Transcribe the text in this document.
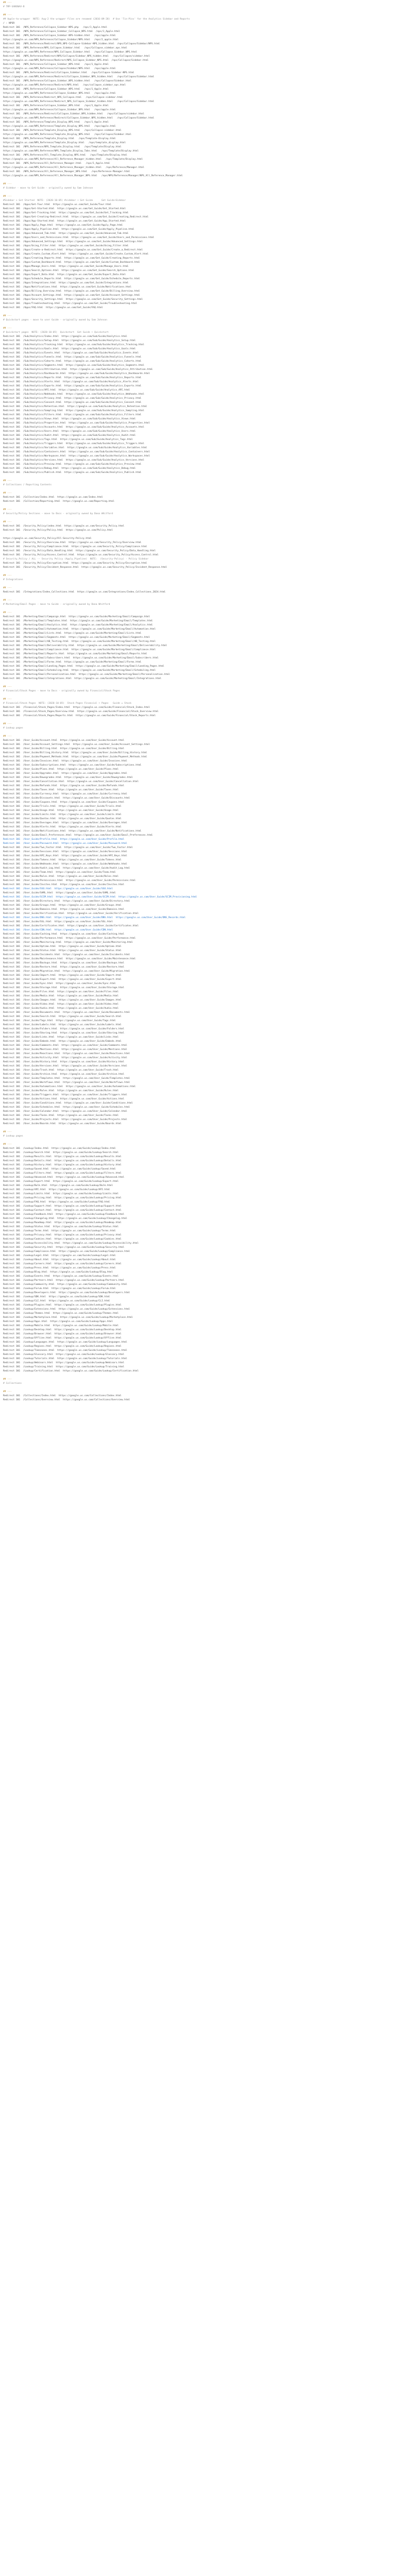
## ---
# TMP-SANSNAV-B
## ---
## Apple-to-wrapper  NOTE: Aug-2 the wrapper files are renamed (2016-09-28)  # Use 'Tin-Pins' for the Analytics Sidebar and Reports
/ : NPSR
Redirect 301  /NPS_Reference/Collapse_Sidebar-NPS.php   /nps/1_Apple.html
Redirect 301  /NPS_Reference/Collapse_Sidebar_Collapse_NPS.html  /nps/1_Apple.html
Redirect 301  /NPS_Reference/Collapse_Sidebar-NPS-hidden.html   /nps/apple.html
https://google.us.com/NPS_Reference/Collapse_Sidebar/NPS.html   /nps/2_apple.html
Redirect 301  /NPS_Reference/Redirect/NPS_NPS-Collapse-Sidebar-NPS_hidden.html  /nps/Collapse/Sidebar/NPS.html
Redirect 301  /NPS_Reference/NPS_Collapse_Sidebar.html   /nps/Collapse_sidebar_nps.html
https://google.us.com/NPS_Reference/NPS_Collapse_Sidebar.html   /nps/Collapse_Sidebar_NPS.html
Redirect 301  /NPS_Reference/Redirect/NPS/Collapse/Sidebar_NPS_hidden.html   /nps/Collapse/sidebar.html
https://google.us.com/NPS_Reference/Redirect/NPS_Collapse_Sidebar_NPS.html  /nps/Collapse/Sidebar.html
Redirect 301  /NPS_Reference/Collapse_Sidebar_NPS.html   /nps/1_Apple.html
https://google.us.com/NPS_Reference/Collapse/Sidebar/NPS.html   /nps/apple.html
Redirect 301  /NPS_Reference/Redirect/Collapse_Sidebar.html   /nps/Collapse-Sidebar-NPS.html
https://google.us.com/NPS_Reference/Redirect/Collapse_Sidebar_NPS_hidden.html   /nps/Collapse/Sidebar.html
Redirect 301  /NPS_Reference/Collapse_Sidebar_NPS_hidden.html   /nps/Collapse/Sidebar.html
https://google.us.com/NPS_Reference/Redirect/NPS.html   /nps/collapse_sidebar_nps.html
Redirect 301  /NPS_Reference/Collapse_Sidebar_NPS.html   /nps/1_Apple.html
https://google.us.com/NPS_Reference/Collapse_Sidebar_NPS.html   /nps/apple.html
Redirect 301  /NPS_Reference/Redirect_NPS_Collapse.html   /nps/Collapse-sidebar.html
https://google.us.com/NPS_Reference/Redirect_NPS_Collapse_Sidebar_hidden.html   /nps/Collapse/Sidebar.html
Redirect 301  /NPS_Reference/Collapse_Sidebar_NPS.html   /nps/1_Apple.html
https://google.us.com/NPS_Reference/Collapse_Sidebar_NPS.html   /nps/apple.html
Redirect 301  /NPS_Reference/Redirect/Collapse_Sidebar_NPS_hidden.html   /nps/Collapse/sidebar.html
https://google.us.com/NPS_Reference/Redirect/Collapse_Sidebar_NPS_hidden.html   /nps/Collapse/Sidebar.html
Redirect 301  /NPS_Reference/Template_Display_NPS.html   /nps/1_Apple.html
https://google.us.com/NPS_Reference/Template_Display_NPS.html   /nps/apple.html
Redirect 301  /NPS_Reference/Template_Display_NPS.html   /nps/Collapse-sidebar.html
https://google.us.com/NPS_Reference/Template_Display_NPS.html   /nps/Collapse/Sidebar.html
Redirect 301  /NPS_Reference/Template_Display.html   /nps/Template-Display.html
https://google.us.com/NPS_Reference/Template_Display.html   /nps/template_display.html
Redirect 301  /NPS_Reference/NPS_Template_Display.html   /nps/Template/Display.html
https://google.us.com/NPS_Reference/NPS_Template_Display_Tabs.html   /nps/Template/Display.html
Redirect 301  /NPS_Reference/All_Template_Display_NPS.html   /nps/Template/Display.html
https://google.us.com/NPS_Reference/All_Reference_Manager_hidden.html   /nps/Template/Display.html
Redirect 301  /NPS_Reference/All_Reference_Manager.html   /nps/1_Apple.html
https://google.us.com/NPS_Reference/All_Reference_Manager_hidden.html   /nps/Reference/Manager.html
Redirect 301  /NPS_Reference/All_Reference_Manager_NPS.html   /nps/Reference-Manager.html
https://google.us.com/NPS_Reference/All_Reference_Manager_NPS.html   /nps/NPS/Reference/Manager/NPS_All_Reference_Manager.html
## ---
# Sidebar - move to Get Guide - originally owned by Sam Johnson
## ---
#Sidebar > Get Started  NOTE: (2020-10-05) #sidebar + Get Guide      Get Guide+Sidebar
Redirect 301  /Apps/Get-Tour.html  https://google.us.com/Get_Guide/Tour.html
Redirect 301  /Apps/Get-Started.html  https://google.us.com/Get_Guide/Get_Started.html
Redirect 301  /Apps/Get-Tracking.html  https://google.us.com/Get_Guide/Get_Tracking.html
Redirect 301  /Apps/Get-Creating-Redirect.html  https://google.us.com/Get_Guide/Creating_Redirect.html
Redirect 301  /Apps/App-Started.html  https://google.us.com/Get_Guide/App_Started.html
Redirect 301  /Apps/Apply_Page.html  https://google.us.com/Get_Guide/Apply_Page.html
Redirect 301  /Apps/Apply_Pipeline.html  https://google.us.com/Get_Guide/Apply_Pipeline.html
Redirect 301  /Apps/Advanced_Tab.html  https://google.us.com/Get_Guide/Advanced_Tab.html
Redirect 301  /Apps/Users_and_Permissions.html  https://google.us.com/Get_Guide/Users_and_Permissions.html
Redirect 301  /Apps/Advanced_Settings.html  https://google.us.com/Get_Guide/Advanced_Settings.html
Redirect 301  /Apps/Using_Filter.html  https://google.us.com/Get_Guide/Using_Filter.html
Redirect 301  /Apps/Create-a-Redirect.html  https://google.us.com/Get_Guide/Create_a_Redirect.html
Redirect 301  /Apps/Create_Custom_Alert.html  https://google.us.com/Get_Guide/Create_Custom_Alert.html
Redirect 301  /Apps/Creating_Reports.html  https://google.us.com/Get_Guide/Creating_Reports.html
Redirect 301  /Apps/Custom_Dashboard.html  https://google.us.com/Get_Guide/Custom_Dashboard.html
Redirect 301  /Apps/Manage_Users.html  https://google.us.com/Get_Guide/Manage_Users.html
Redirect 301  /Apps/Search_Options.html  https://google.us.com/Get_Guide/Search_Options.html
Redirect 301  /Apps/Export_Data.html  https://google.us.com/Get_Guide/Export_Data.html
Redirect 301  /Apps/Schedule_Reports.html  https://google.us.com/Get_Guide/Schedule_Reports.html
Redirect 301  /Apps/Integrations.html  https://google.us.com/Get_Guide/Integrations.html
Redirect 301  /Apps/Notifications.html  https://google.us.com/Get_Guide/Notifications.html
Redirect 301  /Apps/Billing_Overview.html  https://google.us.com/Get_Guide/Billing_Overview.html
Redirect 301  /Apps/Account_Settings.html  https://google.us.com/Get_Guide/Account_Settings.html
Redirect 301  /Apps/Security_Settings.html  https://google.us.com/Get_Guide/Security_Settings.html
Redirect 301  /Apps/Troubleshooting.html  https://google.us.com/Get_Guide/Troubleshooting.html
Redirect 301  /Apps/FAQ.html  https://google.us.com/Get_Guide/FAQ.html
## ---
# Quickstart pages - move to user Guide - originally owned by Sam Johnson
## ---
# Quickstart pages  NOTE: (2020-10-05)  Quickstart  Get Guide + Quickstart
Redirect 301  /Sub/Analytics/Index.html  https://google.us.com/Sub/Guide/Analytics.html
Redirect 301  /Sub/Analytics/Setup.html  https://google.us.com/Sub/Guide/Analytics_Setup.html
Redirect 301  /Sub/Analytics/Tracking.html  https://google.us.com/Sub/Guide/Analytics_Tracking.html
Redirect 301  /Sub/Analytics/Goals.html  https://google.us.com/Sub/Guide/Analytics_Goals.html
Redirect 301  /Sub/Analytics/Events.html  https://google.us.com/Sub/Guide/Analytics_Events.html
Redirect 301  /Sub/Analytics/Funnels.html  https://google.us.com/Sub/Guide/Analytics_Funnels.html
Redirect 301  /Sub/Analytics/Cohorts.html  https://google.us.com/Sub/Guide/Analytics_Cohorts.html
Redirect 301  /Sub/Analytics/Segments.html  https://google.us.com/Sub/Guide/Analytics_Segments.html
Redirect 301  /Sub/Analytics/Attribution.html  https://google.us.com/Sub/Guide/Analytics_Attribution.html
Redirect 301  /Sub/Analytics/Dashboards.html  https://google.us.com/Sub/Guide/Analytics_Dashboards.html
Redirect 301  /Sub/Analytics/Reports.html  https://google.us.com/Sub/Guide/Analytics_Reports.html
Redirect 301  /Sub/Analytics/Alerts.html  https://google.us.com/Sub/Guide/Analytics_Alerts.html
Redirect 301  /Sub/Analytics/Exports.html  https://google.us.com/Sub/Guide/Analytics_Exports.html
Redirect 301  /Sub/Analytics/API.html  https://google.us.com/Sub/Guide/Analytics_API.html
Redirect 301  /Sub/Analytics/Webhooks.html  https://google.us.com/Sub/Guide/Analytics_Webhooks.html
Redirect 301  /Sub/Analytics/Privacy.html  https://google.us.com/Sub/Guide/Analytics_Privacy.html
Redirect 301  /Sub/Analytics/Consent.html  https://google.us.com/Sub/Guide/Analytics_Consent.html
Redirect 301  /Sub/Analytics/Retention.html  https://google.us.com/Sub/Guide/Analytics_Retention.html
Redirect 301  /Sub/Analytics/Sampling.html  https://google.us.com/Sub/Guide/Analytics_Sampling.html
Redirect 301  /Sub/Analytics/Filters.html  https://google.us.com/Sub/Guide/Analytics_Filters.html
Redirect 301  /Sub/Analytics/Views.html  https://google.us.com/Sub/Guide/Analytics_Views.html
Redirect 301  /Sub/Analytics/Properties.html  https://google.us.com/Sub/Guide/Analytics_Properties.html
Redirect 301  /Sub/Analytics/Accounts.html  https://google.us.com/Sub/Guide/Analytics_Accounts.html
Redirect 301  /Sub/Analytics/Users.html  https://google.us.com/Sub/Guide/Analytics_Users.html
Redirect 301  /Sub/Analytics/Audit.html  https://google.us.com/Sub/Guide/Analytics_Audit.html
Redirect 301  /Sub/Analytics/Tags.html  https://google.us.com/Sub/Guide/Analytics_Tags.html
Redirect 301  /Sub/Analytics/Triggers.html  https://google.us.com/Sub/Guide/Analytics_Triggers.html
Redirect 301  /Sub/Analytics/Variables.html  https://google.us.com/Sub/Guide/Analytics_Variables.html
Redirect 301  /Sub/Analytics/Containers.html  https://google.us.com/Sub/Guide/Analytics_Containers.html
Redirect 301  /Sub/Analytics/Workspaces.html  https://google.us.com/Sub/Guide/Analytics_Workspaces.html
Redirect 301  /Sub/Analytics/Versions.html  https://google.us.com/Sub/Guide/Analytics_Versions.html
Redirect 301  /Sub/Analytics/Preview.html  https://google.us.com/Sub/Guide/Analytics_Preview.html
Redirect 301  /Sub/Analytics/Debug.html  https://google.us.com/Sub/Guide/Analytics_Debug.html
Redirect 301  /Sub/Analytics/Publish.html  https://google.us.com/Sub/Guide/Analytics_Publish.html
## ---
# Collections / Reporting Contents
## ---
Redirect 301  /Collection/Index.html  https://google.us.com/Index.html
Redirect 301  /Collection/Reporting.html  https://google.us.com/Reporting.html
## ---
# Security/Policy Sections - move to Docs - originally owned by Dana Whitford
## ---
Redirect 301  /Security_Policy/index.html  https://google.us.com/Security_Policy.html
Redirect 301  /Security_Policy/Policy.html  https://google.us.com/Policy.html
https://google.us.com/Security_Policy/All-Security-Policy.html
Redirect 301  /Security_Policy/Overview.html  https://google.us.com/Security_Policy/Overview.html
Redirect 301  /Security_Policy/Compliance.html  https://google.us.com/Security_Policy/Compliance.html
Redirect 301  /Security_Policy/Data_Handling.html  https://google.us.com/Security_Policy/Data_Handling.html
Redirect 301  /Security_Policy/Access_Control.html  https://google.us.com/Security_Policy/Access_Control.html
# Security_Policy / ALL -- Security Policy (Apply_Pipeline)  NOTE:  (Security-Policy) - Policy Sidebar
Redirect 301  /Security_Policy/Encryption.html  https://google.us.com/Security_Policy/Encryption.html
Redirect 301  /Security_Policy/Incident_Response.html  https://google.us.com/Security_Policy/Incident_Response.html
## ---
# Integrations
## ---
Redirect 301  /Integrations/Index_Collections.html  https://google.us.com/Integrations/Index_Collections_2024.html
## ---
# Marketing/Email Pages - move to Guide - originally owned by Dana Whitford
## ---
Redirect 301  /Marketing/Email/Campaign.html  https://google.us.com/Guide/Marketing/Email/Campaign.html
Redirect 301  /Marketing/Email/Templates.html  https://google.us.com/Guide/Marketing/Email/Templates.html
Redirect 301  /Marketing/Email/Analytics.html  https://google.us.com/Guide/Marketing/Email/Analytics.html
Redirect 301  /Marketing/Email/Automation.html  https://google.us.com/Guide/Marketing/Email/Automation.html
Redirect 301  /Marketing/Email/Lists.html  https://google.us.com/Guide/Marketing/Email/Lists.html
Redirect 301  /Marketing/Email/Segments.html  https://google.us.com/Guide/Marketing/Email/Segments.html
Redirect 301  /Marketing/Email/AB_Testing.html  https://google.us.com/Guide/Marketing/Email/AB_Testing.html
Redirect 301  /Marketing/Email/Deliverability.html  https://google.us.com/Guide/Marketing/Email/Deliverability.html
Redirect 301  /Marketing/Email/Compliance.html  https://google.us.com/Guide/Marketing/Email/Compliance.html
Redirect 301  /Marketing/Email/Reports.html  https://google.us.com/Guide/Marketing/Email/Reports.html
Redirect 301  /Marketing/Email/Subscribers.html  https://google.us.com/Guide/Marketing/Email/Subscribers.html
Redirect 301  /Marketing/Email/Forms.html  https://google.us.com/Guide/Marketing/Email/Forms.html
Redirect 301  /Marketing/Email/Landing_Pages.html  https://google.us.com/Guide/Marketing/Email/Landing_Pages.html
Redirect 301  /Marketing/Email/Scheduling.html  https://google.us.com/Guide/Marketing/Email/Scheduling.html
Redirect 301  /Marketing/Email/Personalization.html  https://google.us.com/Guide/Marketing/Email/Personalization.html
Redirect 301  /Marketing/Email/Integrations.html  https://google.us.com/Guide/Marketing/Email/Integrations.html
## ---
# Financial/Stock Pages - move to Docs - originally owned by Financial/Stock Pages
## ---
# Financial/Stock Pages  NOTE: (2020-10-05)  Stock Pages Financial + Pages   Guide = Stock
Redirect 301  /Financial/Stock_Pages/Index.html  https://google.us.com/Guide/Financial/Stock_Index.html
Redirect 301  /Financial/Stock_Pages/Overview.html  https://google.us.com/Guide/Financial/Stock_Overview.html
Redirect 301  /Financial/Stock_Pages/Reports.html  https://google.us.com/Guide/Financial/Stock_Reports.html
## ---
# Lookup pages
## ---
Redirect 301  /User_Guide/Account.html  https://google.us.com/User_Guide/Account.html
Redirect 301  /User_Guide/Account_Settings.html  https://google.us.com/User_Guide/Account_Settings.html
Redirect 301  /User_Guide/Billing.html  https://google.us.com/User_Guide/Billing.html
Redirect 301  /User_Guide/Billing_History.html  https://google.us.com/User_Guide/Billing_History.html
Redirect 301  /User_Guide/Payment_Methods.html  https://google.us.com/User_Guide/Payment_Methods.html
Redirect 301  /User_Guide/Invoices.html  https://google.us.com/User_Guide/Invoices.html
Redirect 301  /User_Guide/Subscriptions.html  https://google.us.com/User_Guide/Subscriptions.html
Redirect 301  /User_Guide/Plans.html  https://google.us.com/User_Guide/Plans.html
Redirect 301  /User_Guide/Upgrades.html  https://google.us.com/User_Guide/Upgrades.html
Redirect 301  /User_Guide/Downgrades.html  https://google.us.com/User_Guide/Downgrades.html
Redirect 301  /User_Guide/Cancellation.html  https://google.us.com/User_Guide/Cancellation.html
Redirect 301  /User_Guide/Refunds.html  https://google.us.com/User_Guide/Refunds.html
Redirect 301  /User_Guide/Taxes.html  https://google.us.com/User_Guide/Taxes.html
Redirect 301  /User_Guide/Currency.html  https://google.us.com/User_Guide/Currency.html
Redirect 301  /User_Guide/Discounts.html  https://google.us.com/User_Guide/Discounts.html
Redirect 301  /User_Guide/Coupons.html  https://google.us.com/User_Guide/Coupons.html
Redirect 301  /User_Guide/Trials.html  https://google.us.com/User_Guide/Trials.html
Redirect 301  /User_Guide/Usage.html  https://google.us.com/User_Guide/Usage.html
Redirect 301  /User_Guide/Limits.html  https://google.us.com/User_Guide/Limits.html
Redirect 301  /User_Guide/Quotas.html  https://google.us.com/User_Guide/Quotas.html
Redirect 301  /User_Guide/Overages.html  https://google.us.com/User_Guide/Overages.html
Redirect 301  /User_Guide/Alerts.html  https://google.us.com/User_Guide/Alerts.html
Redirect 301  /User_Guide/Notifications.html  https://google.us.com/User_Guide/Notifications.html
Redirect 301  /User_Guide/Email_Preferences.html  https://google.us.com/User_Guide/Email_Preferences.html
Redirect 301  /User_Guide/Profile.html  https://google.us.com/User_Guide/Profile.html
Redirect 301  /User_Guide/Password.html  https://google.us.com/User_Guide/Password.html
Redirect 301  /User_Guide/Two_Factor.html  https://google.us.com/User_Guide/Two_Factor.html
Redirect 301  /User_Guide/Sessions.html  https://google.us.com/User_Guide/Sessions.html
Redirect 301  /User_Guide/API_Keys.html  https://google.us.com/User_Guide/API_Keys.html
Redirect 301  /User_Guide/Tokens.html  https://google.us.com/User_Guide/Tokens.html
Redirect 301  /User_Guide/Webhooks.html  https://google.us.com/User_Guide/Webhooks.html
Redirect 301  /User_Guide/Audit_Log.html  https://google.us.com/User_Guide/Audit_Log.html
Redirect 301  /User_Guide/Team.html  https://google.us.com/User_Guide/Team.html
Redirect 301  /User_Guide/Roles.html  https://google.us.com/User_Guide/Roles.html
Redirect 301  /User_Guide/Permissions.html  https://google.us.com/User_Guide/Permissions.html
Redirect 301  /User_Guide/Invites.html  https://google.us.com/User_Guide/Invites.html
Redirect 301  /User_Guide/SSO.html  https://google.us.com/User_Guide/SSO.html
Redirect 301  /User_Guide/SAML.html  https://google.us.com/User_Guide/SAML.html
Redirect 301  /User_Guide/SCIM.html  https://google.us.com/User_Guide/SCIM.html  https://google.us.com/User_Guide/SCIM_Provisioning.html
Redirect 301  /User_Guide/Directory.html  https://google.us.com/User_Guide/Directory.html
Redirect 301  /User_Guide/Groups.html  https://google.us.com/User_Guide/Groups.html
Redirect 301  /User_Guide/Domains.html  https://google.us.com/User_Guide/Domains.html
Redirect 301  /User_Guide/Verification.html  https://google.us.com/User_Guide/Verification.html
Redirect 301  /User_Guide/DNS.html  https://google.us.com/User_Guide/DNS.html  https://google.us.com/User_Guide/DNS_Records.html
Redirect 301  /User_Guide/SSL.html  https://google.us.com/User_Guide/SSL.html
Redirect 301  /User_Guide/Certificates.html  https://google.us.com/User_Guide/Certificates.html
Redirect 301  /User_Guide/CDN.html  https://google.us.com/User_Guide/CDN.html
Redirect 301  /User_Guide/Caching.html  https://google.us.com/User_Guide/Caching.html
Redirect 301  /User_Guide/Performance.html  https://google.us.com/User_Guide/Performance.html
Redirect 301  /User_Guide/Monitoring.html  https://google.us.com/User_Guide/Monitoring.html
Redirect 301  /User_Guide/Uptime.html  https://google.us.com/User_Guide/Uptime.html
Redirect 301  /User_Guide/Status.html  https://google.us.com/User_Guide/Status.html
Redirect 301  /User_Guide/Incidents.html  https://google.us.com/User_Guide/Incidents.html
Redirect 301  /User_Guide/Maintenance.html  https://google.us.com/User_Guide/Maintenance.html
Redirect 301  /User_Guide/Backups.html  https://google.us.com/User_Guide/Backups.html
Redirect 301  /User_Guide/Restore.html  https://google.us.com/User_Guide/Restore.html
Redirect 301  /User_Guide/Migration.html  https://google.us.com/User_Guide/Migration.html
Redirect 301  /User_Guide/Import.html  https://google.us.com/User_Guide/Import.html
Redirect 301  /User_Guide/Export.html  https://google.us.com/User_Guide/Export.html
Redirect 301  /User_Guide/Sync.html  https://google.us.com/User_Guide/Sync.html
Redirect 301  /User_Guide/Storage.html  https://google.us.com/User_Guide/Storage.html
Redirect 301  /User_Guide/Files.html  https://google.us.com/User_Guide/Files.html
Redirect 301  /User_Guide/Media.html  https://google.us.com/User_Guide/Media.html
Redirect 301  /User_Guide/Images.html  https://google.us.com/User_Guide/Images.html
Redirect 301  /User_Guide/Video.html  https://google.us.com/User_Guide/Video.html
Redirect 301  /User_Guide/Audio.html  https://google.us.com/User_Guide/Audio.html
Redirect 301  /User_Guide/Documents.html  https://google.us.com/User_Guide/Documents.html
Redirect 301  /User_Guide/Search.html  https://google.us.com/User_Guide/Search.html
Redirect 301  /User_Guide/Tags.html  https://google.us.com/User_Guide/Tags.html
Redirect 301  /User_Guide/Labels.html  https://google.us.com/User_Guide/Labels.html
Redirect 301  /User_Guide/Folders.html  https://google.us.com/User_Guide/Folders.html
Redirect 301  /User_Guide/Sharing.html  https://google.us.com/User_Guide/Sharing.html
Redirect 301  /User_Guide/Links.html  https://google.us.com/User_Guide/Links.html
Redirect 301  /User_Guide/Embeds.html  https://google.us.com/User_Guide/Embeds.html
Redirect 301  /User_Guide/Comments.html  https://google.us.com/User_Guide/Comments.html
Redirect 301  /User_Guide/Mentions.html  https://google.us.com/User_Guide/Mentions.html
Redirect 301  /User_Guide/Reactions.html  https://google.us.com/User_Guide/Reactions.html
Redirect 301  /User_Guide/Activity.html  https://google.us.com/User_Guide/Activity.html
Redirect 301  /User_Guide/History.html  https://google.us.com/User_Guide/History.html
Redirect 301  /User_Guide/Versions.html  https://google.us.com/User_Guide/Versions.html
Redirect 301  /User_Guide/Trash.html  https://google.us.com/User_Guide/Trash.html
Redirect 301  /User_Guide/Archive.html  https://google.us.com/User_Guide/Archive.html
Redirect 301  /User_Guide/Templates.html  https://google.us.com/User_Guide/Templates.html
Redirect 301  /User_Guide/Workflows.html  https://google.us.com/User_Guide/Workflows.html
Redirect 301  /User_Guide/Automations.html  https://google.us.com/User_Guide/Automations.html
Redirect 301  /User_Guide/Rules.html  https://google.us.com/User_Guide/Rules.html
Redirect 301  /User_Guide/Triggers.html  https://google.us.com/User_Guide/Triggers.html
Redirect 301  /User_Guide/Actions.html  https://google.us.com/User_Guide/Actions.html
Redirect 301  /User_Guide/Conditions.html  https://google.us.com/User_Guide/Conditions.html
Redirect 301  /User_Guide/Schedules.html  https://google.us.com/User_Guide/Schedules.html
Redirect 301  /User_Guide/Calendar.html  https://google.us.com/User_Guide/Calendar.html
Redirect 301  /User_Guide/Tasks.html  https://google.us.com/User_Guide/Tasks.html
Redirect 301  /User_Guide/Projects.html  https://google.us.com/User_Guide/Projects.html
Redirect 301  /User_Guide/Boards.html  https://google.us.com/User_Guide/Boards.html
## ---
# Lookup pages
## ---
Redirect 301  /Lookup/Index.html  https://google.us.com/Guide/Lookup/Index.html
Redirect 301  /Lookup/Search.html  https://google.us.com/Guide/Lookup/Search.html
Redirect 301  /Lookup/Results.html  https://google.us.com/Guide/Lookup/Results.html
Redirect 301  /Lookup/Details.html  https://google.us.com/Guide/Lookup/Details.html
Redirect 301  /Lookup/History.html  https://google.us.com/Guide/Lookup/History.html
Redirect 301  /Lookup/Saved.html  https://google.us.com/Guide/Lookup/Saved.html
Redirect 301  /Lookup/Filters.html  https://google.us.com/Guide/Lookup/Filters.html
Redirect 301  /Lookup/Advanced.html  https://google.us.com/Guide/Lookup/Advanced.html
Redirect 301  /Lookup/Export.html  https://google.us.com/Guide/Lookup/Export.html
Redirect 301  /Lookup/Bulk.html  https://google.us.com/Guide/Lookup/Bulk.html
Redirect 301  /Lookup/API.html  https://google.us.com/Guide/Lookup/API.html
Redirect 301  /Lookup/Limits.html  https://google.us.com/Guide/Lookup/Limits.html
Redirect 301  /Lookup/Pricing.html  https://google.us.com/Guide/Lookup/Pricing.html
Redirect 301  /Lookup/FAQ.html  https://google.us.com/Guide/Lookup/FAQ.html
Redirect 301  /Lookup/Support.html  https://google.us.com/Guide/Lookup/Support.html
Redirect 301  /Lookup/Contact.html  https://google.us.com/Guide/Lookup/Contact.html
Redirect 301  /Lookup/Feedback.html  https://google.us.com/Guide/Lookup/Feedback.html
Redirect 301  /Lookup/Changelog.html  https://google.us.com/Guide/Lookup/Changelog.html
Redirect 301  /Lookup/Roadmap.html  https://google.us.com/Guide/Lookup/Roadmap.html
Redirect 301  /Lookup/Status.html  https://google.us.com/Guide/Lookup/Status.html
Redirect 301  /Lookup/Terms.html  https://google.us.com/Guide/Lookup/Terms.html
Redirect 301  /Lookup/Privacy.html  https://google.us.com/Guide/Lookup/Privacy.html
Redirect 301  /Lookup/Cookies.html  https://google.us.com/Guide/Lookup/Cookies.html
Redirect 301  /Lookup/Accessibility.html  https://google.us.com/Guide/Lookup/Accessibility.html
Redirect 301  /Lookup/Security.html  https://google.us.com/Guide/Lookup/Security.html
Redirect 301  /Lookup/Compliance.html  https://google.us.com/Guide/Lookup/Compliance.html
Redirect 301  /Lookup/Legal.html  https://google.us.com/Guide/Lookup/Legal.html
Redirect 301  /Lookup/About.html  https://google.us.com/Guide/Lookup/About.html
Redirect 301  /Lookup/Careers.html  https://google.us.com/Guide/Lookup/Careers.html
Redirect 301  /Lookup/Press.html  https://google.us.com/Guide/Lookup/Press.html
Redirect 301  /Lookup/Blog.html  https://google.us.com/Guide/Lookup/Blog.html
Redirect 301  /Lookup/Events.html  https://google.us.com/Guide/Lookup/Events.html
Redirect 301  /Lookup/Partners.html  https://google.us.com/Guide/Lookup/Partners.html
Redirect 301  /Lookup/Community.html  https://google.us.com/Guide/Lookup/Community.html
Redirect 301  /Lookup/Forum.html  https://google.us.com/Guide/Lookup/Forum.html
Redirect 301  /Lookup/Developers.html  https://google.us.com/Guide/Lookup/Developers.html
Redirect 301  /Lookup/SDK.html  https://google.us.com/Guide/Lookup/SDK.html
Redirect 301  /Lookup/CLI.html  https://google.us.com/Guide/Lookup/CLI.html
Redirect 301  /Lookup/Plugins.html  https://google.us.com/Guide/Lookup/Plugins.html
Redirect 301  /Lookup/Extensions.html  https://google.us.com/Guide/Lookup/Extensions.html
Redirect 301  /Lookup/Themes.html  https://google.us.com/Guide/Lookup/Themes.html
Redirect 301  /Lookup/Marketplace.html  https://google.us.com/Guide/Lookup/Marketplace.html
Redirect 301  /Lookup/Apps.html  https://google.us.com/Guide/Lookup/Apps.html
Redirect 301  /Lookup/Mobile.html  https://google.us.com/Guide/Lookup/Mobile.html
Redirect 301  /Lookup/Desktop.html  https://google.us.com/Guide/Lookup/Desktop.html
Redirect 301  /Lookup/Browser.html  https://google.us.com/Guide/Lookup/Browser.html
Redirect 301  /Lookup/Offline.html  https://google.us.com/Guide/Lookup/Offline.html
Redirect 301  /Lookup/Languages.html  https://google.us.com/Guide/Lookup/Languages.html
Redirect 301  /Lookup/Regions.html  https://google.us.com/Guide/Lookup/Regions.html
Redirect 301  /Lookup/Timezones.html  https://google.us.com/Guide/Lookup/Timezones.html
Redirect 301  /Lookup/Glossary.html  https://google.us.com/Guide/Lookup/Glossary.html
Redirect 301  /Lookup/Tutorials.html  https://google.us.com/Guide/Lookup/Tutorials.html
Redirect 301  /Lookup/Webinars.html  https://google.us.com/Guide/Lookup/Webinars.html
Redirect 301  /Lookup/Training.html  https://google.us.com/Guide/Lookup/Training.html
Redirect 301  /Lookup/Certification.html  https://google.us.com/Guide/Lookup/Certification.html
## ---
# Collections
## ---
Redirect 301  /Collections/Index.html  https://google.us.com/Collections/Index.html
Redirect 301  /Collections/Overview.html  https://google.us.com/Collections/Overview.html
